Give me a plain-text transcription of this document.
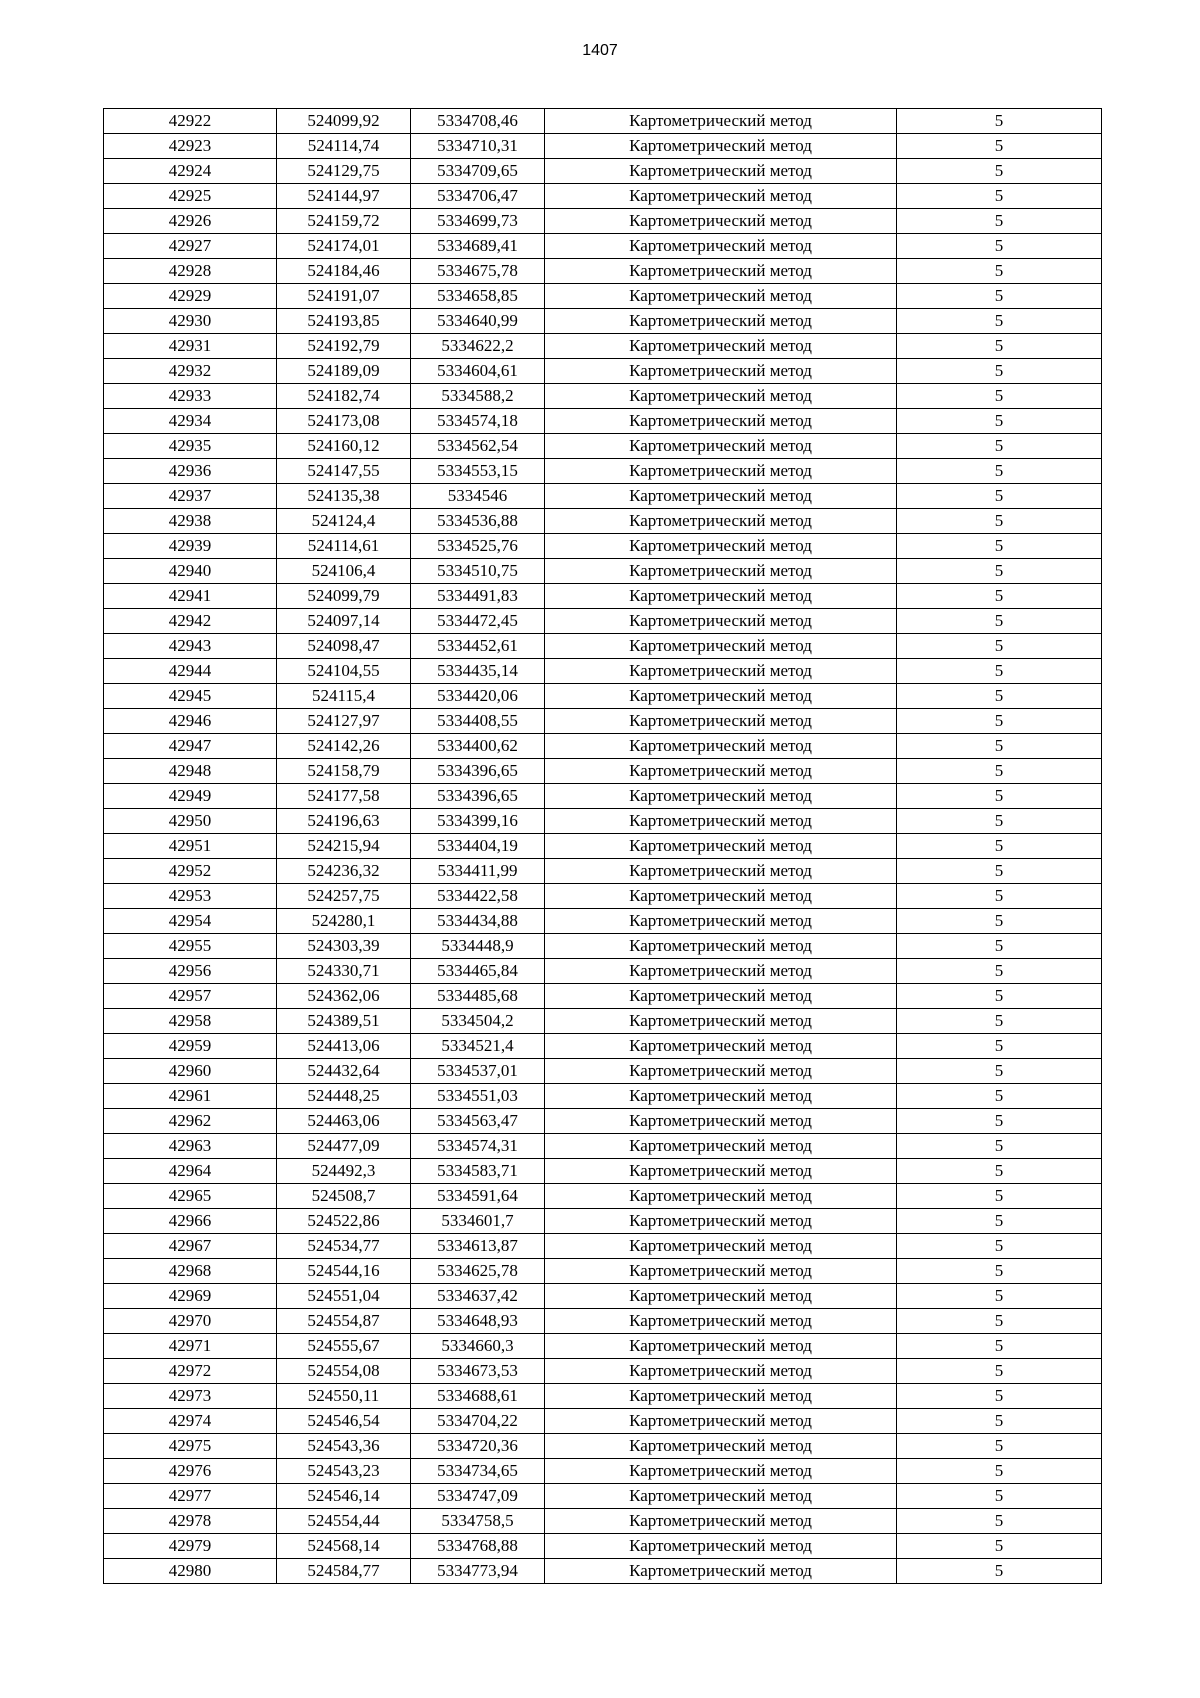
1407
42922	524099,92	5334708,46	Картометрический метод	5
42923	524114,74	5334710,31	Картометрический метод	5
42924	524129,75	5334709,65	Картометрический метод	5
42925	524144,97	5334706,47	Картометрический метод	5
42926	524159,72	5334699,73	Картометрический метод	5
42927	524174,01	5334689,41	Картометрический метод	5
42928	524184,46	5334675,78	Картометрический метод	5
42929	524191,07	5334658,85	Картометрический метод	5
42930	524193,85	5334640,99	Картометрический метод	5
42931	524192,79	5334622,2	Картометрический метод	5
42932	524189,09	5334604,61	Картометрический метод	5
42933	524182,74	5334588,2	Картометрический метод	5
42934	524173,08	5334574,18	Картометрический метод	5
42935	524160,12	5334562,54	Картометрический метод	5
42936	524147,55	5334553,15	Картометрический метод	5
42937	524135,38	5334546	Картометрический метод	5
42938	524124,4	5334536,88	Картометрический метод	5
42939	524114,61	5334525,76	Картометрический метод	5
42940	524106,4	5334510,75	Картометрический метод	5
42941	524099,79	5334491,83	Картометрический метод	5
42942	524097,14	5334472,45	Картометрический метод	5
42943	524098,47	5334452,61	Картометрический метод	5
42944	524104,55	5334435,14	Картометрический метод	5
42945	524115,4	5334420,06	Картометрический метод	5
42946	524127,97	5334408,55	Картометрический метод	5
42947	524142,26	5334400,62	Картометрический метод	5
42948	524158,79	5334396,65	Картометрический метод	5
42949	524177,58	5334396,65	Картометрический метод	5
42950	524196,63	5334399,16	Картометрический метод	5
42951	524215,94	5334404,19	Картометрический метод	5
42952	524236,32	5334411,99	Картометрический метод	5
42953	524257,75	5334422,58	Картометрический метод	5
42954	524280,1	5334434,88	Картометрический метод	5
42955	524303,39	5334448,9	Картометрический метод	5
42956	524330,71	5334465,84	Картометрический метод	5
42957	524362,06	5334485,68	Картометрический метод	5
42958	524389,51	5334504,2	Картометрический метод	5
42959	524413,06	5334521,4	Картометрический метод	5
42960	524432,64	5334537,01	Картометрический метод	5
42961	524448,25	5334551,03	Картометрический метод	5
42962	524463,06	5334563,47	Картометрический метод	5
42963	524477,09	5334574,31	Картометрический метод	5
42964	524492,3	5334583,71	Картометрический метод	5
42965	524508,7	5334591,64	Картометрический метод	5
42966	524522,86	5334601,7	Картометрический метод	5
42967	524534,77	5334613,87	Картометрический метод	5
42968	524544,16	5334625,78	Картометрический метод	5
42969	524551,04	5334637,42	Картометрический метод	5
42970	524554,87	5334648,93	Картометрический метод	5
42971	524555,67	5334660,3	Картометрический метод	5
42972	524554,08	5334673,53	Картометрический метод	5
42973	524550,11	5334688,61	Картометрический метод	5
42974	524546,54	5334704,22	Картометрический метод	5
42975	524543,36	5334720,36	Картометрический метод	5
42976	524543,23	5334734,65	Картометрический метод	5
42977	524546,14	5334747,09	Картометрический метод	5
42978	524554,44	5334758,5	Картометрический метод	5
42979	524568,14	5334768,88	Картометрический метод	5
42980	524584,77	5334773,94	Картометрический метод	5
